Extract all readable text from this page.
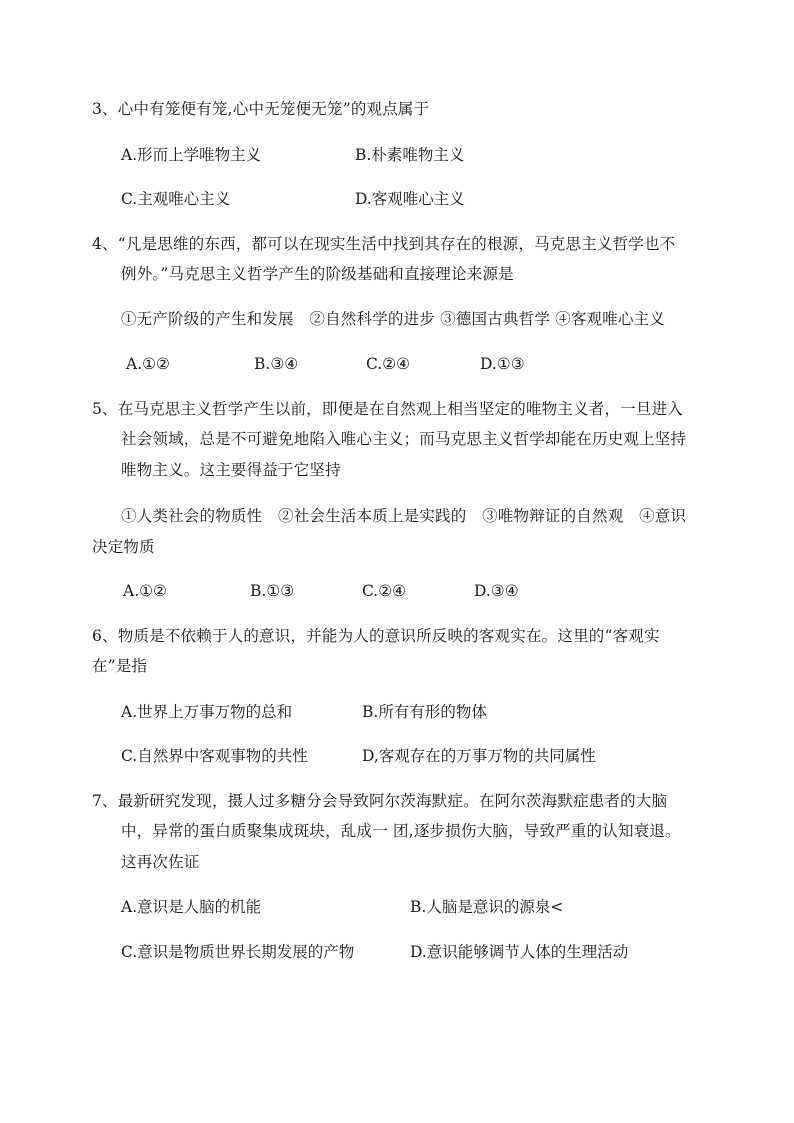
3、心中有笼便有笼,心中无笼便无笼”的观点属于
A.形而上学唯物主义	B.朴素唯物主义
C.主观唯心主义	D.客观唯心主义
4、“凡是思维的东西，都可以在现实生活中找到其存在的根源，马克思主义哲学也不
例外。”马克思主义哲学产生的阶级基础和直接理论来源是
①无产阶级的产生和发展　②自然科学的进步 ③德国古典哲学 ④客观唯心主义
A.①②	B.③④	C.②④	D.①③
5、在马克思主义哲学产生以前，即便是在自然观上相当坚定的唯物主义者，一旦进入
社会领域，总是不可避免地陷入唯心主义；而马克思主义哲学却能在历史观上坚持
唯物主义。这主要得益于它坚持
①人类社会的物质性　②社会生活本质上是实践的　③唯物辩证的自然观　④意识
决定物质
A.①②	B.①③	C.②④	D.③④
6、物质是不依赖于人的意识，并能为人的意识所反映的客观实在。这里的“客观实
在”是指
A.世界上万事万物的总和	B.所有有形的物体
C.自然界中客观事物的共性	D,客观存在的万事万物的共同属性
7、最新研究发现，摄人过多糖分会导致阿尔茨海默症。在阿尔茨海默症患者的大脑
中，异常的蛋白质聚集成斑块，乱成一 团,逐步损伤大脑，导致严重的认知衰退。
这再次佐证
A.意识是人脑的机能	B.人脑是意识的源泉<
C.意识是物质世界长期发展的产物	D.意识能够调节人体的生理活动
